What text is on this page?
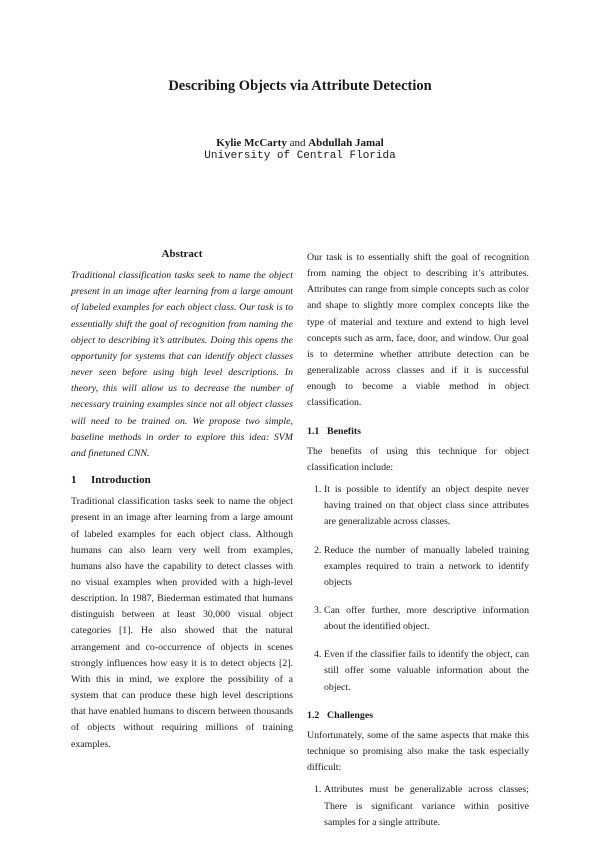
Describing Objects via Attribute Detection
Kylie McCarty and Abdullah Jamal
University of Central Florida
Abstract

Traditional classification tasks seek to name the object present in an image after learning from a large amount of labeled examples for each object class. Our task is to essentially shift the goal of recognition from naming the object to describing it’s attributes. Doing this opens the opportunity for systems that can identify object classes never seen before using high level descriptions. In theory, this will allow us to decrease the number of necessary training examples since not all object classes will need to be trained on. We propose two simple, baseline methods in order to explore this idea: SVM and finetuned CNN.

1 Introduction

Traditional classification tasks seek to name the object present in an image after learning from a large amount of labeled examples for each object class. Although humans can also learn very well from examples, humans also have the capability to detect classes with no visual examples when provided with a high-level description. In 1987, Biederman estimated that humans distinguish between at least 30,000 visual object categories [1]. He also showed that the natural arrangement and co-occurrence of objects in scenes strongly influences how easy it is to detect objects [2]. With this in mind, we explore the possibility of a system that can produce these high level descriptions that have enabled humans to discern between thousands of objects without requiring millions of training examples.

Our task is to essentially shift the goal of recognition from naming the object to describing it’s attributes. Attributes can range from simple concepts such as color and shape to slightly more complex concepts like the type of material and texture and extend to high level concepts such as arm, face, door, and window. Our goal is to determine whether attribute detection can be generalizable across classes and if it is successful enough to become a viable method in object classification.

1.1 Benefits

The benefits of using this technique for object classification include:

1. It is possible to identify an object despite never having trained on that object class since attributes are generalizable across classes.
2. Reduce the number of manually labeled training examples required to train a network to identify objects
3. Can offer further, more descriptive information about the identified object.
4. Even if the classifier fails to identify the object, can still offer some valuable information about the object.
1.2 Challenges

Unfortunately, some of the same aspects that make this technique so promising also make the task especially difficult:

1. Attributes must be generalizable across classes; There is significant variance within positive samples for a single attribute.
